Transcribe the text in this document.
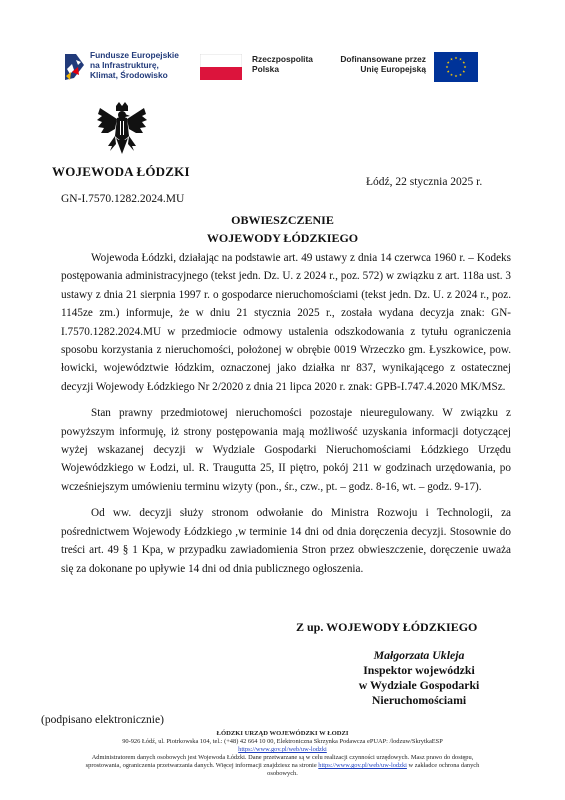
Fundusze Europejskie
na Infrastrukturę,
Klimat, Środowisko
Rzeczpospolita
Polska
Dofinansowane przez
Unię Europejską
WOJEWODA ŁÓDZKI
GN-I.7570.1282.2024.MU
Łódź, 22 stycznia 2025 r.
OBWIESZCZENIE
WOJEWODY ŁÓDZKIEGO

Wojewoda Łódzki, działając na podstawie art. 49 ustawy z dnia 14 czerwca 1960 r. – Kodeks postępowania administracyjnego (tekst jedn. Dz. U. z 2024 r., poz. 572) w związku z art. 118a ust. 3 ustawy z dnia 21 sierpnia 1997 r. o gospodarce nieruchomościami (tekst jedn. Dz. U. z 2024 r., poz. 1145ze zm.) informuje, że w dniu 21 stycznia 2025 r., została wydana decyzja znak: GN-I.7570.1282.2024.MU w przedmiocie odmowy ustalenia odszkodowania z tytułu ograniczenia sposobu korzystania z nieruchomości, położonej w obrębie 0019 Wrzeczko gm. Łyszkowice, pow. łowicki, województwie łódzkim, oznaczonej jako działka nr 837, wynikającego z ostatecznej decyzji Wojewody Łódzkiego Nr 2/2020 z dnia 21 lipca 2020 r. znak: GPB-I.747.4.2020 MK/MSz.

Stan prawny przedmiotowej nieruchomości pozostaje nieuregulowany. W związku z powyższym informuję, iż strony postępowania mają możliwość uzyskania informacji dotyczącej wyżej wskazanej decyzji w Wydziale Gospodarki Nieruchomościami Łódzkiego Urzędu Wojewódzkiego w Łodzi, ul. R. Traugutta 25, II piętro, pokój 211 w godzinach urzędowania, po wcześniejszym umówieniu terminu wizyty (pon., śr., czw., pt. – godz. 8-16, wt. – godz. 9-17).

Od ww. decyzji służy stronom odwołanie do Ministra Rozwoju i Technologii, za pośrednictwem Wojewody Łódzkiego ,w terminie 14 dni od dnia doręczenia decyzji. Stosownie do treści art. 49 § 1 Kpa, w przypadku zawiadomienia Stron przez obwieszczenie, doręczenie uważa się za dokonane po upływie 14 dni od dnia publicznego ogłoszenia.

Z up. WOJEWODY ŁÓDZKIEGO
Małgorzata Ukleja
Inspektor wojewódzki
w Wydziale Gospodarki
Nieruchomościami
(podpisano elektronicznie)
ŁÓDZKI URZĄD WOJEWÓDZKI W ŁODZI
90-926 Łódź, ul. Piotrkowska 104, tel.: (+48) 42 664 10 00, Elektroniczna Skrzynka Podawcza ePUAP: /lodzuw/SkrytkaESP
https://www.gov.pl/web/uw-lodzki
Administratorem danych osobowych jest Wojewoda Łódzki. Dane przetwarzane są w celu realizacji czynności urzędowych. Masz prawo do dostępu,
sprostowania, ograniczenia przetwarzania danych. Więcej informacji znajdziesz na stronie https://www.gov.pl/web/uw-lodzki w zakładce ochrona danych
osobowych.
